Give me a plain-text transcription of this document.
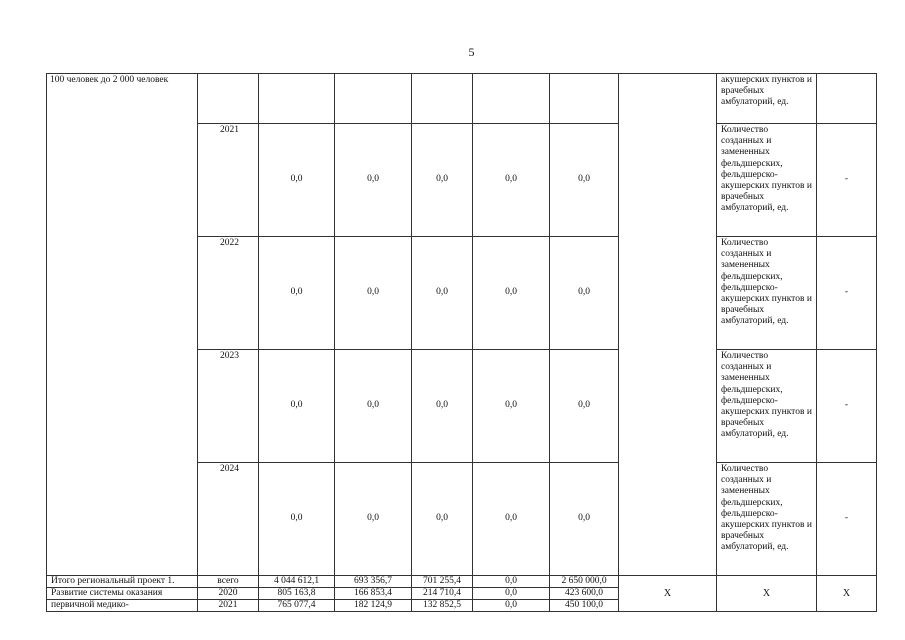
5
100 человек до 2 000 человек								акушерских пунктов и врачебных амбулаторий, ед.	
	2021	0,0	0,0	0,0	0,0	0,0		Количество созданных и замененных фельдшерских, фельдшерско-акушерских пунктов и врачебных амбулаторий, ед.	-
	2022	0,0	0,0	0,0	0,0	0,0		Количество созданных и замененных фельдшерских, фельдшерско-акушерских пунктов и врачебных амбулаторий, ед.	-
	2023	0,0	0,0	0,0	0,0	0,0		Количество созданных и замененных фельдшерских, фельдшерско-акушерских пунктов и врачебных амбулаторий, ед.	-
	2024	0,0	0,0	0,0	0,0	0,0		Количество созданных и замененных фельдшерских, фельдшерско-акушерских пунктов и врачебных амбулаторий, ед.	-
Итого региональный проект 1.	всего	4 044 612,1	693 356,7	701 255,4	0,0	2 650 000,0	Х	Х	Х
Развитие системы оказания	2020	805 163,8	166 853,4	214 710,4	0,0	423 600,0			
первичной медико-	2021	765 077,4	182 124,9	132 852,5	0,0	450 100,0			
